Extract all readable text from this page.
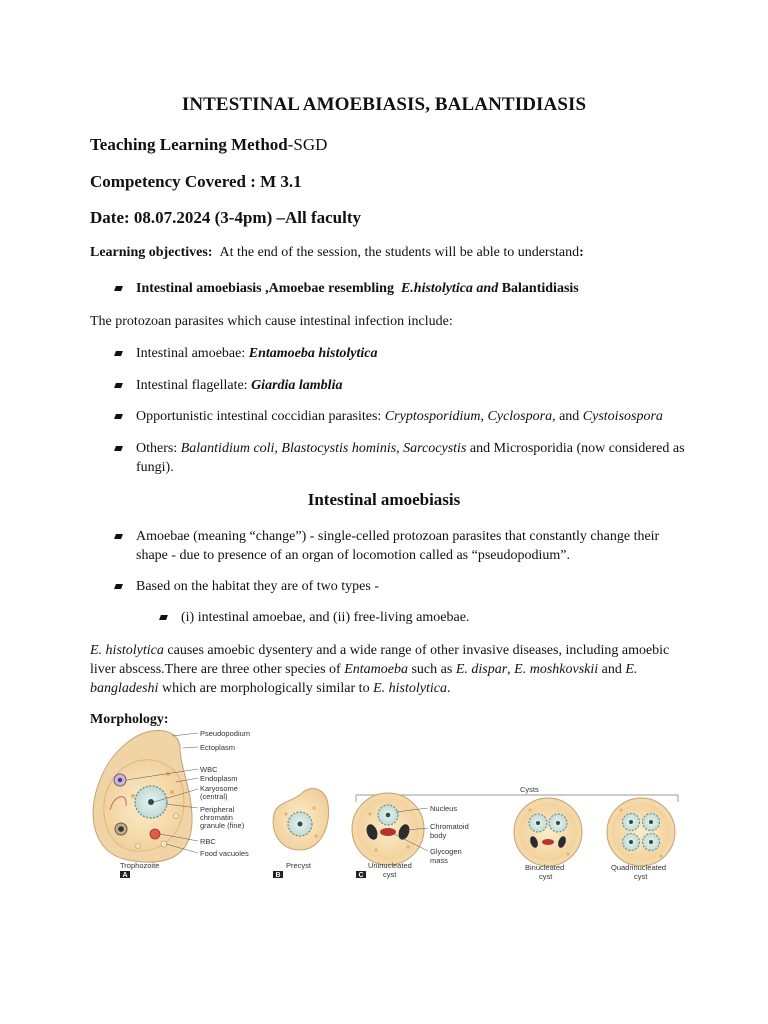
INTESTINAL AMOEBIASIS, BALANTIDIASIS
Teaching Learning Method-SGD
Competency Covered : M 3.1
Date: 08.07.2024 (3-4pm) –All faculty
Learning objectives: At the end of the session, the students will be able to understand:
Intestinal amoebiasis ,Amoebae resembling  E.histolytica and Balantidiasis
The protozoan parasites which cause intestinal infection include:
Intestinal amoebae: Entamoeba histolytica
Intestinal flagellate: Giardia lamblia
Opportunistic intestinal coccidian parasites: Cryptosporidium, Cyclospora, and Cystoisospora
Others: Balantidium coli, Blastocystis hominis, Sarcocystis and Microsporidia (now considered as
fungi).
Intestinal amoebiasis
Amoebae (meaning “change”) - single-celled protozoan parasites that constantly change their
shape - due to presence of an organ of locomotion called as “pseudopodium”.
Based on the habitat they are of two types -
(i) intestinal amoebae, and (ii) free-living amoebae.
E. histolytica causes amoebic dysentery and a wide range of other invasive diseases, including amoebic
liver abscess.There are three other species of Entamoeba such as E. dispar, E. moshkovskii and E.
bangladeshi which are morphologically similar to E. histolytica.
Morphology:
Pseudopodium
Ectoplasm
WBC
Endoplasm
Karyosome
(central)
Peripheral
chromatin
granule (fine)
RBC
Food vacuoles
Trophozoite
A
Precyst
B
Cysts
Nucleus
Chromatoid
body
Glycogen
mass
Uninucleated
cyst
C
Binucleated
cyst
Quadrinucleated
cyst
